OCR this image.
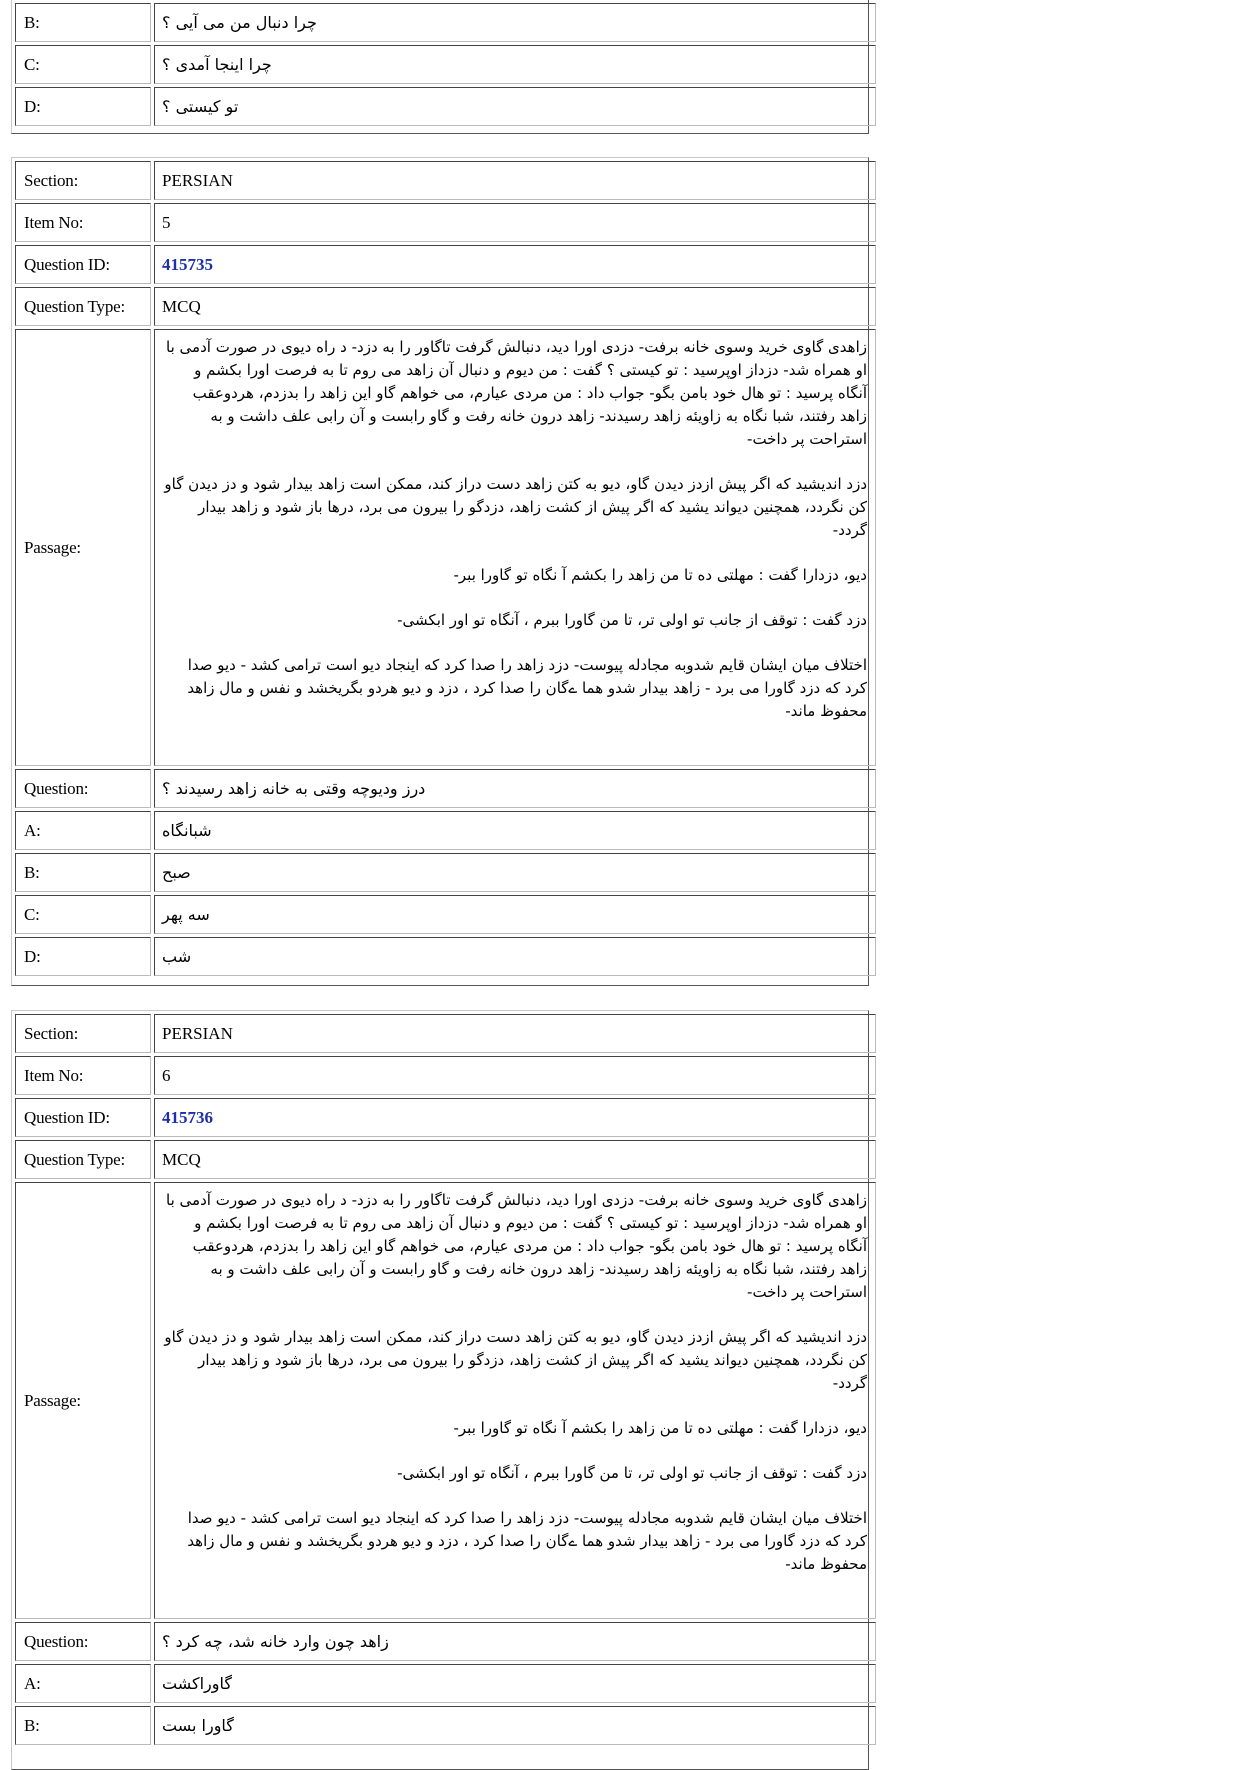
B:	چرا دنبال من می آیی ؟
C:	چرا اینجا آمدی ؟
D:	تو کیستی ؟
Section:	PERSIAN
Item No:	5
Question ID:	415735
Question Type:	MCQ
Passage:

زاهدی گاوی خرید وسوی خانه برفت- دزدی اورا دید، دنبالش گرفت تاگاور را به دزد- د راه دیوی در صورت آدمی با او همراه شد- دزداز اوپرسید : تو کیستی ؟ گفت : من دیوم و دنبال آن زاهد می روم تا به فرصت اورا بکشم و آنگاه پرسید : تو هال خود بامن بگو- جواب داد : من مردی عیارم، می خواهم گاو این زاهد را بدزدم، هردوعقب زاهد رفتند، شبا نگاه به زاویئه زاهد رسیدند- زاهد درون خانه رفت و گاو رابست و آن رابی علف داشت و به استراحت پر داخت-

دزد اندیشید که اگر پیش ازدز دیدن گاو، دیو به کتن زاهد دست دراز کند، ممکن است زاهد بیدار شود و دز دیدن گاو کن نگردد، همچنین دیواند یشید که اگر پیش از کشت زاهد، دزدگو را بیرون می برد، درها باز شود و زاهد بیدار گردد-

دیو، دزدارا گفت : مهلتی ده تا من زاهد را بکشم آ نگاه تو گاورا ببر-

دزد گفت : توقف از جانب تو اولی تر، تا من گاورا ببرم ، آنگاه تو اور ابکشی-

اختلاف میان ایشان قایم شدوبه مجادله پیوست- دزد زاهد را صدا کرد که اینجاد دیو است ترامی کشد - دیو صدا کرد که دزد گاورا می برد - زاهد بیدار شدو هما ےگان را صدا کرد ، دزد و دیو هردو بگریخشد و نفس و مال زاهد محفوظ ماند-

Question:	درز ودیوچه وقتی به خانه زاهد رسیدند ؟
A:	شبانگاه
B:	صبح
C:	سه پهر
D:	شب
Section:	PERSIAN
Item No:	6
Question ID:	415736
Question Type:	MCQ
Passage:

زاهدی گاوی خرید وسوی خانه برفت- دزدی اورا دید، دنبالش گرفت تاگاور را به دزد- د راه دیوی در صورت آدمی با او همراه شد- دزداز اوپرسید : تو کیستی ؟ گفت : من دیوم و دنبال آن زاهد می روم تا به فرصت اورا بکشم و آنگاه پرسید : تو هال خود بامن بگو- جواب داد : من مردی عیارم، می خواهم گاو این زاهد را بدزدم، هردوعقب زاهد رفتند، شبا نگاه به زاویئه زاهد رسیدند- زاهد درون خانه رفت و گاو رابست و آن رابی علف داشت و به استراحت پر داخت-

دزد اندیشید که اگر پیش ازدز دیدن گاو، دیو به کتن زاهد دست دراز کند، ممکن است زاهد بیدار شود و دز دیدن گاو کن نگردد، همچنین دیواند یشید که اگر پیش از کشت زاهد، دزدگو را بیرون می برد، درها باز شود و زاهد بیدار گردد-

دیو، دزدارا گفت : مهلتی ده تا من زاهد را بکشم آ نگاه تو گاورا ببر-

دزد گفت : توقف از جانب تو اولی تر، تا من گاورا ببرم ، آنگاه تو اور ابکشی-

اختلاف میان ایشان قایم شدوبه مجادله پیوست- دزد زاهد را صدا کرد که اینجاد دیو است ترامی کشد - دیو صدا کرد که دزد گاورا می برد - زاهد بیدار شدو هما ےگان را صدا کرد ، دزد و دیو هردو بگریخشد و نفس و مال زاهد محفوظ ماند-

Question:	زاهد چون وارد خانه شد، چه کرد ؟
A:	گاوراکشت
B:	گاورا بست
